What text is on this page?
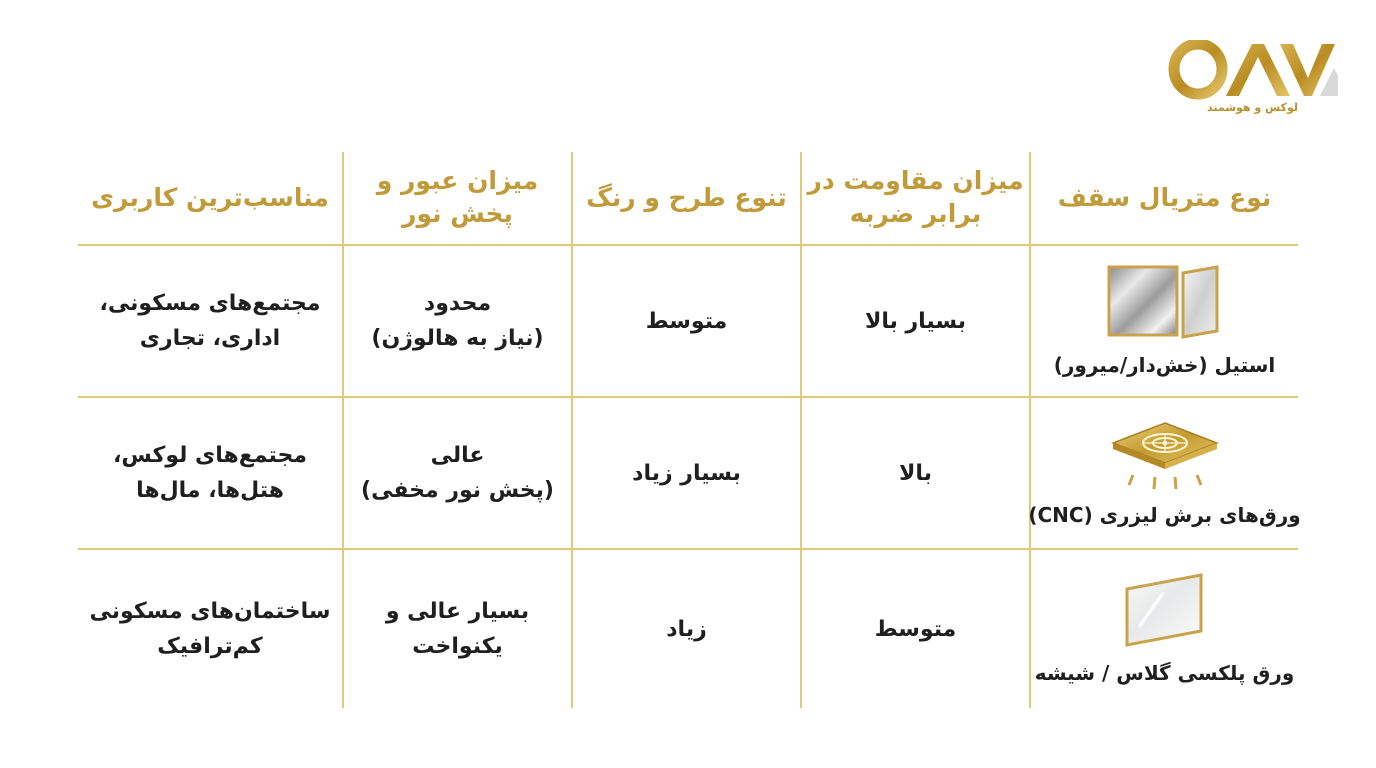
لوکس و هوشمند
نوع متریال سقف
میزان مقاومت در
برابر ضربه
تنوع طرح و رنگ
میزان عبور و
پخش نور
مناسب‌ترین کاربری
استیل (خش‌دار/میرور)
بسیار بالا
متوسط
محدود
(نیاز به هالوژن)
مجتمع‌های مسکونی،
اداری، تجاری
ورق‌های برش لیزری (CNC)
بالا
بسیار زیاد
عالی
(پخش نور مخفی)
مجتمع‌های لوکس،
هتل‌ها، مال‌ها
ورق پلکسی گلاس / شیشه
متوسط
زیاد
بسیار عالی و
یکنواخت
ساختمان‌های مسکونی
کم‌ترافیک
